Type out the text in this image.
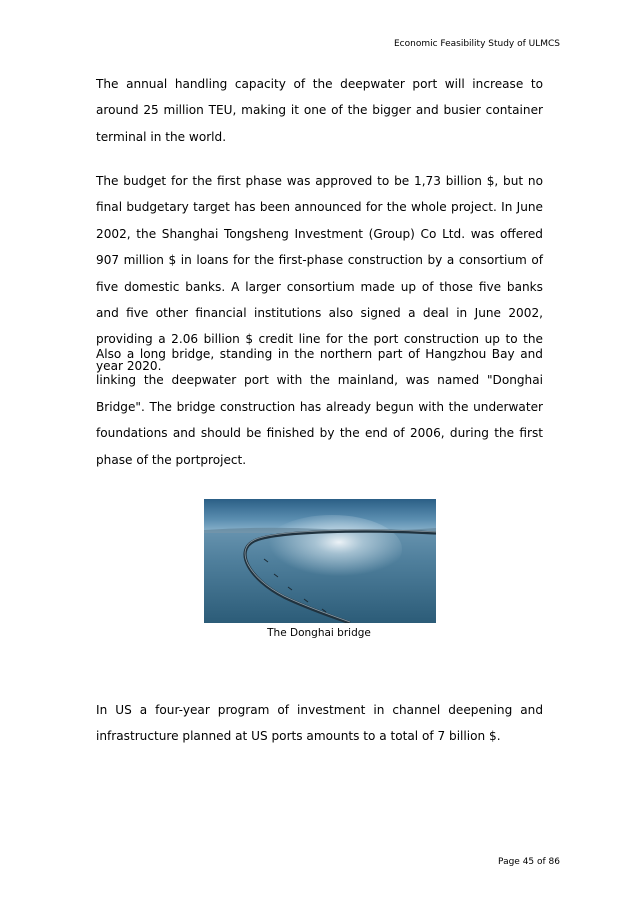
Economic Feasibility Study of ULMCS

The annual handling capacity of the deepwater port will increase to around 25 million TEU, making it one of the bigger and busier container terminal in the world.

The budget for the first phase was approved to be 1,73 billion $, but no final budgetary target has been announced for the whole project. In June 2002, the Shanghai Tongsheng Investment (Group) Co Ltd. was offered 907 million $ in loans for the first-phase construction by a consortium of five domestic banks. A larger consortium made up of those five banks and five other financial institutions also signed a deal in June 2002, providing a 2.06 billion $ credit line for the port construction up to the year 2020.

Also a long bridge, standing in the northern part of Hangzhou Bay and linking the deepwater port with the mainland, was named "Donghai Bridge". The bridge construction has already begun with the underwater foundations and should be finished by the end of 2006, during the first phase of the portproject.

The Donghai bridge

In US a four-year program of investment in channel deepening and infrastructure planned at US ports amounts to a total of 7 billion $.

Page 45 of 86
